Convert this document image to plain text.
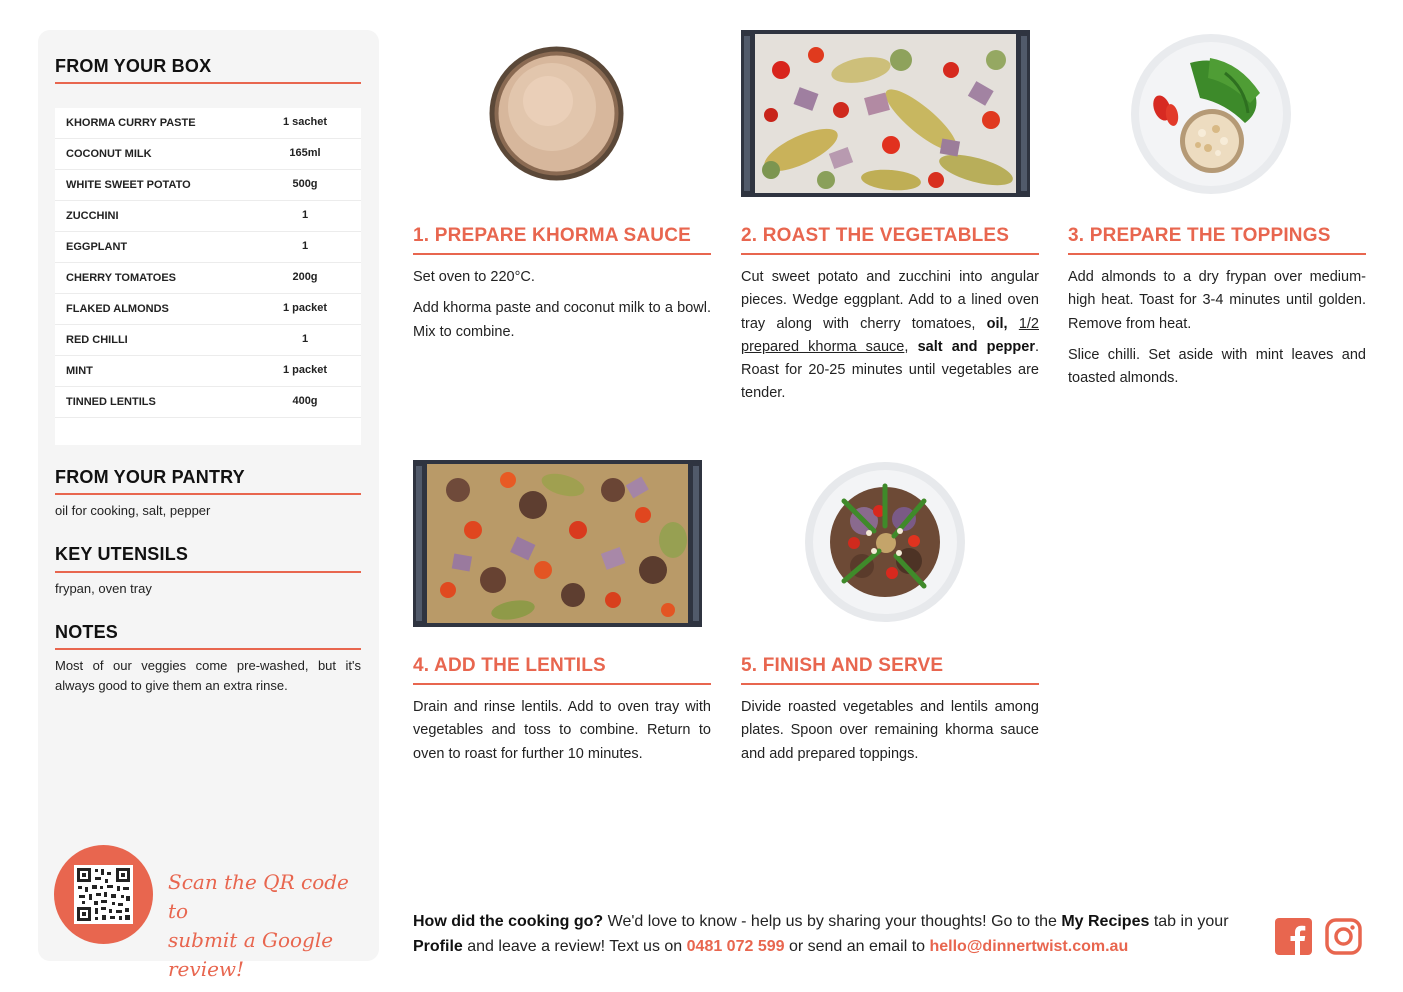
FROM YOUR BOX
KHORMA CURRY PASTE	1 sachet
COCONUT MILK	165ml
WHITE SWEET POTATO	500g
ZUCCHINI	1
EGGPLANT	1
CHERRY TOMATOES	200g
FLAKED ALMONDS	1 packet
RED CHILLI	1
MINT	1 packet
TINNED LENTILS	400g
FROM YOUR PANTRY
oil for cooking, salt, pepper
KEY UTENSILS
frypan, oven tray
NOTES
Most of our veggies come pre-washed, but it's always good to give them an extra rinse.
Scan the QR code to
submit a Google review!
1. PREPARE KHORMA SAUCE

Set oven to 220°C.

Add khorma paste and coconut milk to a bowl. Mix to combine.

2. ROAST THE VEGETABLES

Cut sweet potato and zucchini into angular pieces. Wedge eggplant. Add to a lined oven tray along with cherry tomatoes, oil, 1/2 prepared khorma sauce, salt and pepper. Roast for 20-25 minutes until vegetables are tender.

3. PREPARE THE TOPPINGS

Add almonds to a dry frypan over medium-high heat. Toast for 3-4 minutes until golden. Remove from heat.

Slice chilli. Set aside with mint leaves and toasted almonds.

4. ADD THE LENTILS

Drain and rinse lentils. Add to oven tray with vegetables and toss to combine. Return to oven to roast for further 10 minutes.

5. FINISH AND SERVE

Divide roasted vegetables and lentils among plates. Spoon over remaining khorma sauce and add prepared toppings.

How did the cooking go? We'd love to know - help us by sharing your thoughts! Go to the My Recipes tab in your Profile and leave a review! Text us on 0481 072 599 or send an email to hello@dinnertwist.com.au
